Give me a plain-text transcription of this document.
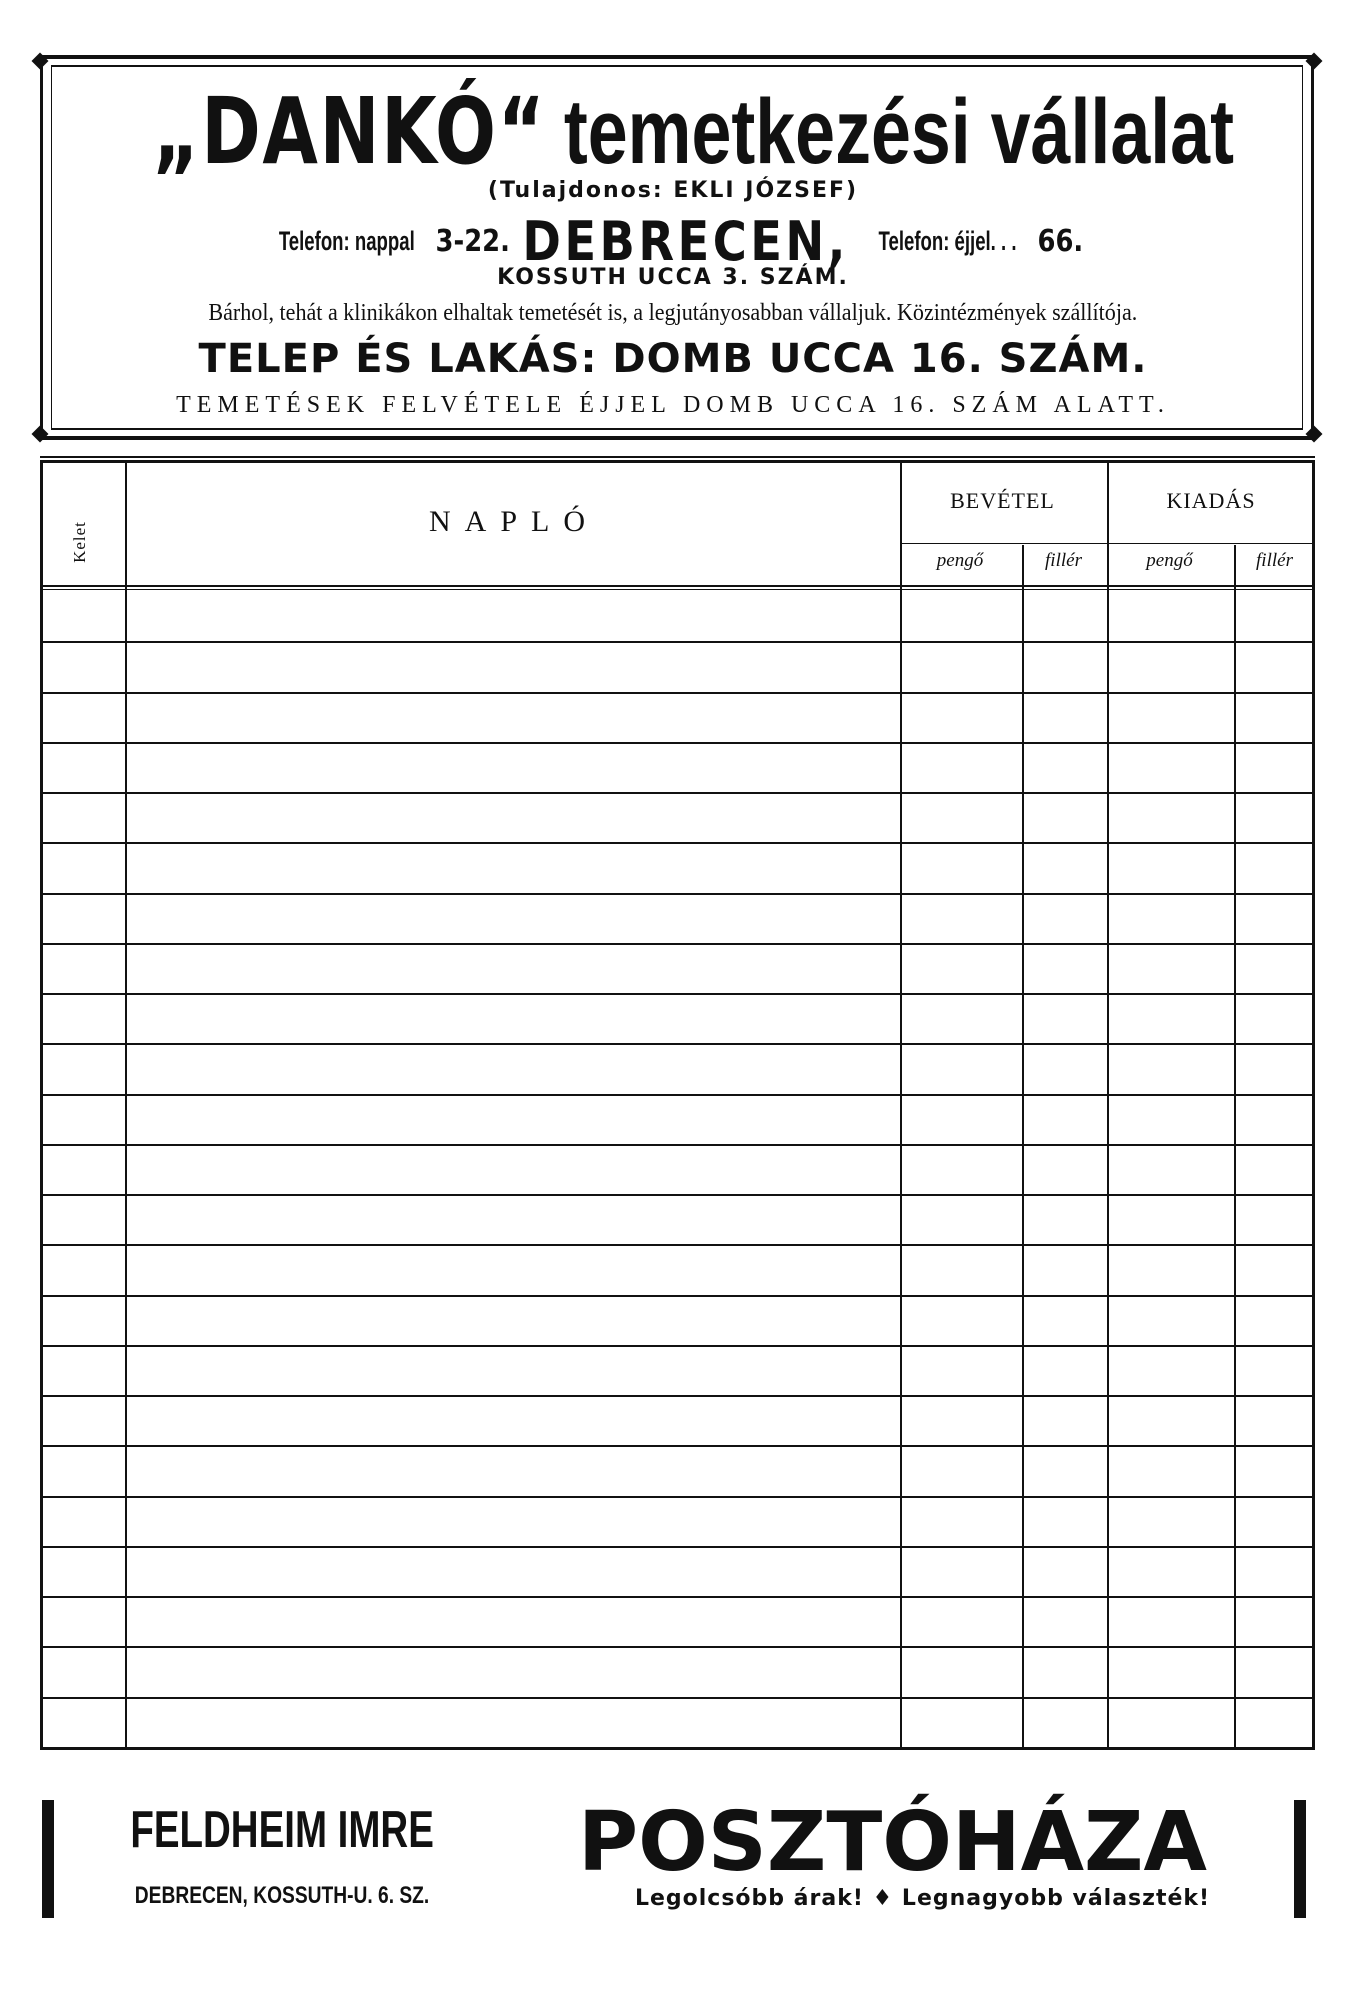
„DANKÓ“ temetkezési vállalat
(Tulajdonos: EKLI JÓZSEF)
Telefon: nappal 3-22. DEBRECEN, Telefon: éjjel. . . 66.
KOSSUTH UCCA 3. SZÁM.
Bárhol, tehát a klinikákon elhaltak temetését is, a legjutányosabban vállaljuk. Közintézmények szállítója.
TELEP ÉS LAKÁS: DOMB UCCA 16. SZÁM.
TEMETÉSEK FELVÉTELE ÉJJEL DOMB UCCA 16. SZÁM ALATT.
Kelet	NAPLÓ
BEVÉTEL	KIADÁS
pengő	fillér	pengő	fillér
FELDHEIM IMRE
DEBRECEN, KOSSUTH-U. 6. SZ.
POSZTÓHÁZA
Legolcsóbb árak! ♦ Legnagyobb választék!
